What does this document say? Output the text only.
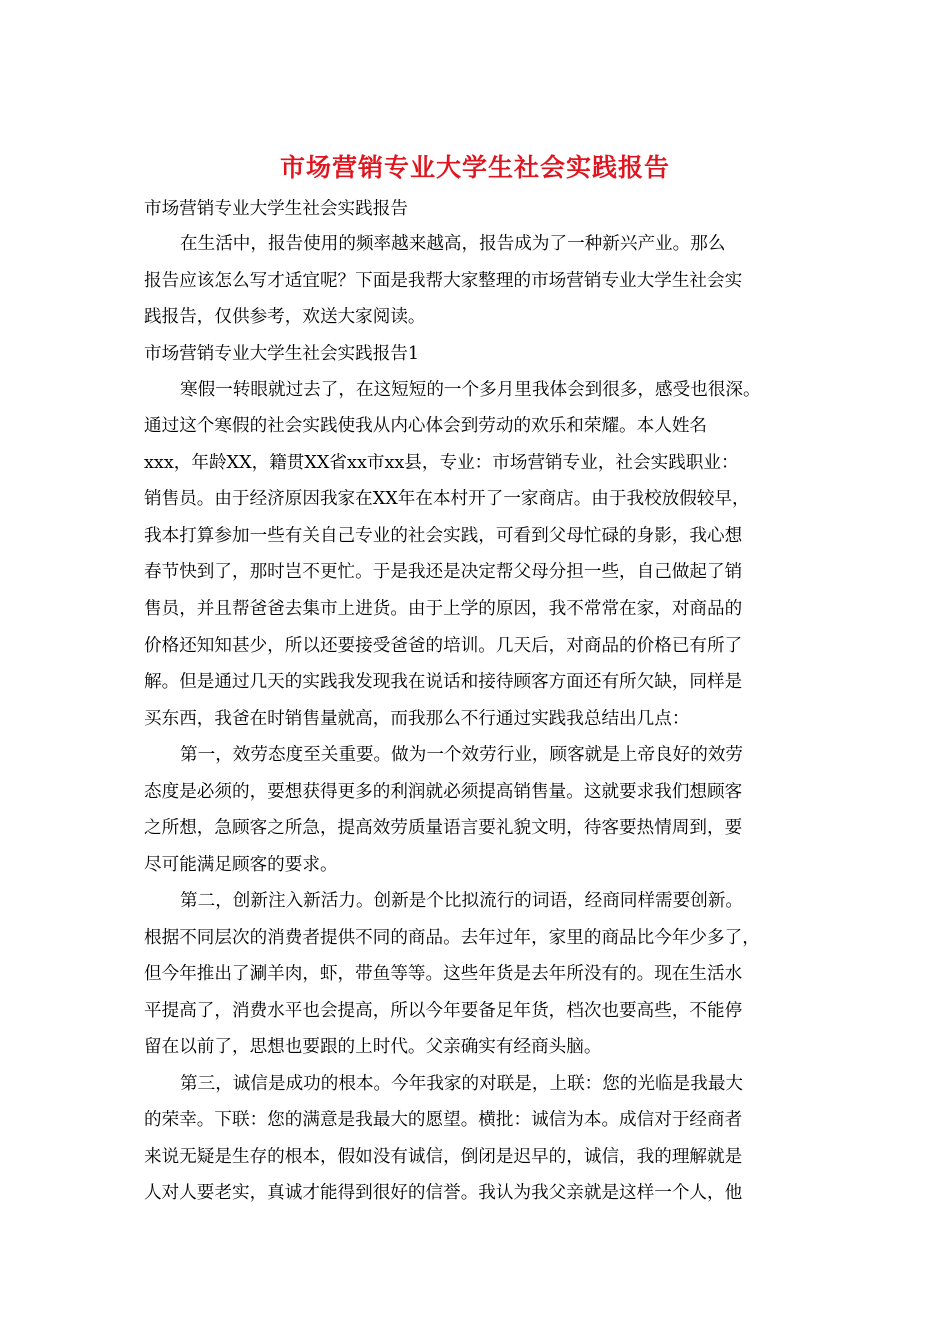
市场营销专业大学生社会实践报告
市场营销专业大学生社会实践报告
在生活中，报告使用的频率越来越高，报告成为了一种新兴产业。那么
报告应该怎么写才适宜呢？下面是我帮大家整理的市场营销专业大学生社会实
践报告，仅供参考，欢送大家阅读。
市场营销专业大学生社会实践报告1
寒假一转眼就过去了，在这短短的一个多月里我体会到很多，感受也很深。
通过这个寒假的社会实践使我从内心体会到劳动的欢乐和荣耀。本人姓名
xxx，年龄XX，籍贯XX省xx市xx县，专业：市场营销专业，社会实践职业：
销售员。由于经济原因我家在XX年在本村开了一家商店。由于我校放假较早，
我本打算参加一些有关自己专业的社会实践，可看到父母忙碌的身影，我心想
春节快到了，那时岂不更忙。于是我还是决定帮父母分担一些，自己做起了销
售员，并且帮爸爸去集市上进货。由于上学的原因，我不常常在家，对商品的
价格还知知甚少，所以还要接受爸爸的培训。几天后，对商品的价格已有所了
解。但是通过几天的实践我发现我在说话和接待顾客方面还有所欠缺，同样是
买东西，我爸在时销售量就高，而我那么不行通过实践我总结出几点：
第一，效劳态度至关重要。做为一个效劳行业，顾客就是上帝良好的效劳
态度是必须的，要想获得更多的利润就必须提高销售量。这就要求我们想顾客
之所想，急顾客之所急，提高效劳质量语言要礼貌文明，待客要热情周到，要
尽可能满足顾客的要求。
第二，创新注入新活力。创新是个比拟流行的词语，经商同样需要创新。
根据不同层次的消费者提供不同的商品。去年过年，家里的商品比今年少多了，
但今年推出了涮羊肉，虾，带鱼等等。这些年货是去年所没有的。现在生活水
平提高了，消费水平也会提高，所以今年要备足年货，档次也要高些，不能停
留在以前了，思想也要跟的上时代。父亲确实有经商头脑。
第三，诚信是成功的根本。今年我家的对联是，上联：您的光临是我最大
的荣幸。下联：您的满意是我最大的愿望。横批：诚信为本。成信对于经商者
来说无疑是生存的根本，假如没有诚信，倒闭是迟早的，诚信，我的理解就是
人对人要老实，真诚才能得到很好的信誉。我认为我父亲就是这样一个人，他
